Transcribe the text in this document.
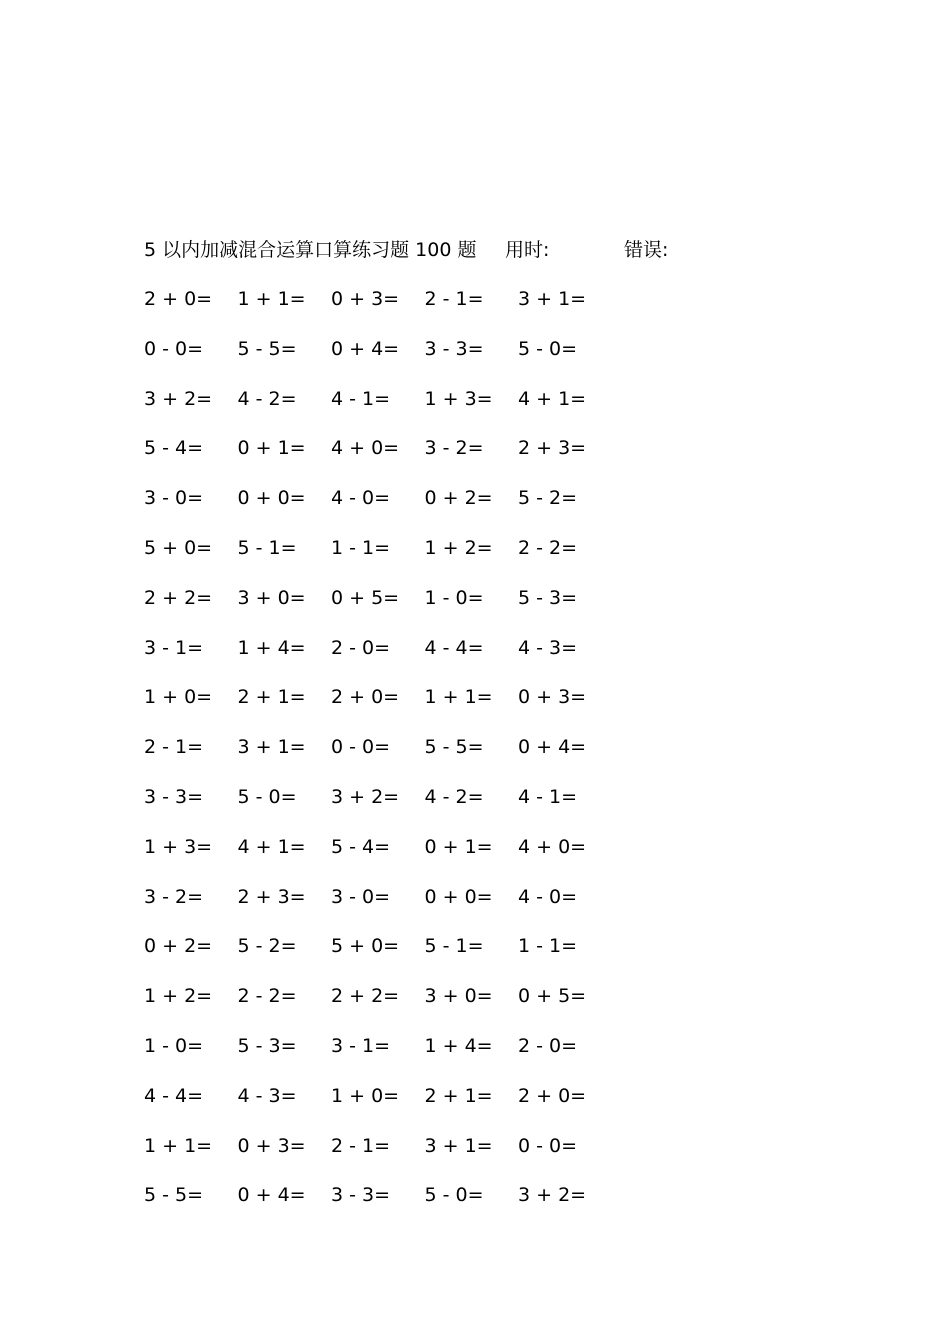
5 以内加减混合运算口算练习题 100 题 用时:	错误:
2 + 0= 1 + 1= 0 + 3= 2 - 1= 3 + 1=
0 - 0= 5 - 5= 0 + 4= 3 - 3= 5 - 0=
3 + 2= 4 - 2= 4 - 1= 1 + 3= 4 + 1=
5 - 4= 0 + 1= 4 + 0= 3 - 2= 2 + 3=
3 - 0= 0 + 0= 4 - 0= 0 + 2= 5 - 2=
5 + 0= 5 - 1= 1 - 1= 1 + 2= 2 - 2=
2 + 2= 3 + 0= 0 + 5= 1 - 0= 5 - 3=
3 - 1= 1 + 4= 2 - 0= 4 - 4= 4 - 3=
1 + 0= 2 + 1= 2 + 0= 1 + 1= 0 + 3=
2 - 1= 3 + 1= 0 - 0= 5 - 5= 0 + 4=
3 - 3= 5 - 0= 3 + 2= 4 - 2= 4 - 1=
1 + 3= 4 + 1= 5 - 4= 0 + 1= 4 + 0=
3 - 2= 2 + 3= 3 - 0= 0 + 0= 4 - 0=
0 + 2= 5 - 2= 5 + 0= 5 - 1= 1 - 1=
1 + 2= 2 - 2= 2 + 2= 3 + 0= 0 + 5=
1 - 0= 5 - 3= 3 - 1= 1 + 4= 2 - 0=
4 - 4= 4 - 3= 1 + 0= 2 + 1= 2 + 0=
1 + 1= 0 + 3= 2 - 1= 3 + 1= 0 - 0=
5 - 5= 0 + 4= 3 - 3= 5 - 0= 3 + 2=
